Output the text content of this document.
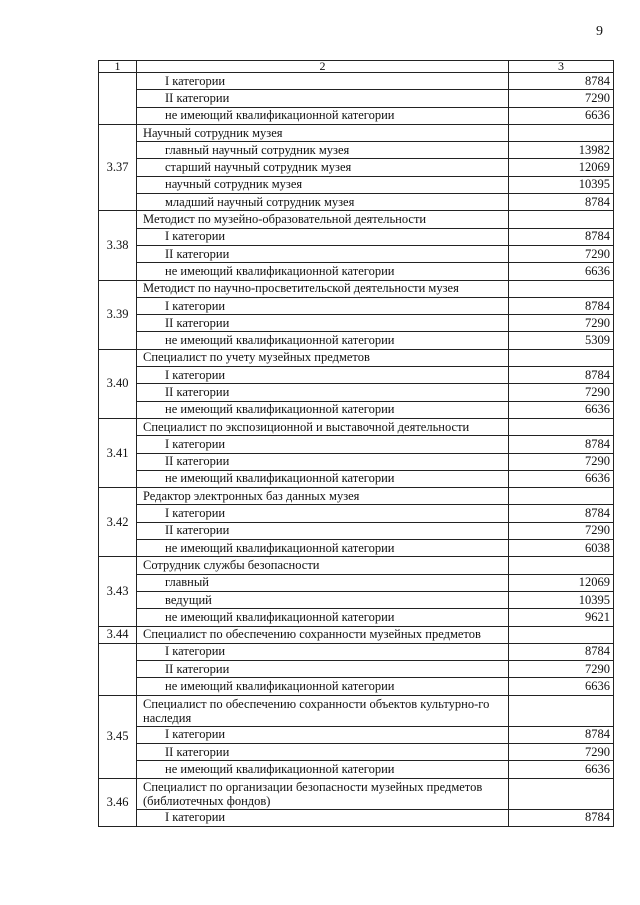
9
1	2	3
	I категории	8784
	II категории	7290
	не имеющий квалификационной категории	6636
3.37	Научный сотрудник музея	
	главный научный сотрудник музея	13982
	старший научный сотрудник музея	12069
	научный сотрудник музея	10395
	младший научный сотрудник музея	8784
3.38	Методист по музейно-образовательной деятельности	
	I категории	8784
	II категории	7290
	не имеющий квалификационной категории	6636
3.39	Методист по научно-просветительской деятельности музея	
	I категории	8784
	II категории	7290
	не имеющий квалификационной категории	5309
3.40	Специалист по учету музейных предметов	
	I категории	8784
	II категории	7290
	не имеющий квалификационной категории	6636
3.41	Специалист по экспозиционной и выставочной деятельности	
	I категории	8784
	II категории	7290
	не имеющий квалификационной категории	6636
3.42	Редактор электронных баз данных музея	
	I категории	8784
	II категории	7290
	не имеющий квалификационной категории	6038
3.43	Сотрудник службы безопасности	
	главный	12069
	ведущий	10395
	не имеющий квалификационной категории	9621
3.44	Специалист по обеспечению сохранности музейных предметов	
	I категории	8784
	II категории	7290
	не имеющий квалификационной категории	6636
3.45	Специалист по обеспечению сохранности объектов культурно-го наследия	
	I категории	8784
	II категории	7290
	не имеющий квалификационной категории	6636
3.46	Специалист по организации безопасности музейных предметов (библиотечных фондов)	
	I категории	8784
